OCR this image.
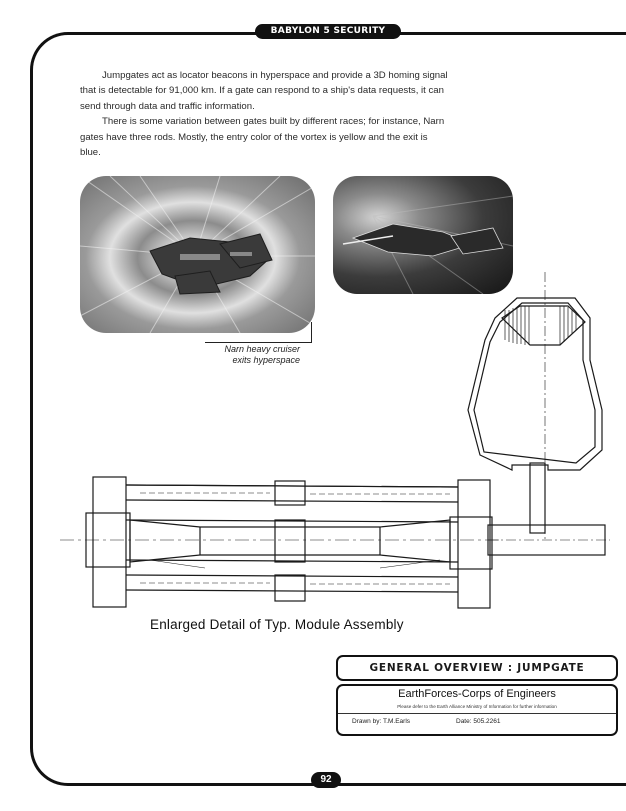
BABYLON 5 SECURITY MANUAL

Jumpgates act as locator beacons in hyperspace and provide a 3D homing signal that is detectable for 91,000 km. If a gate can respond to a ship's data requests, it can send through data and traffic information.

There is some variation between gates built by different races; for instance, Narn gates have three rods. Mostly, the entry color of the vortex is yellow and the exit is blue.

Narn heavy cruiser
exits hyperspace
Enlarged Detail of Typ. Module Assembly
GENERAL OVERVIEW : JUMPGATE
EarthForces-Corps of Engineers
Please defer to the Earth Alliance Ministry of Information for further information
Drawn by: T.M.Earls	Date: 505.2261
92
